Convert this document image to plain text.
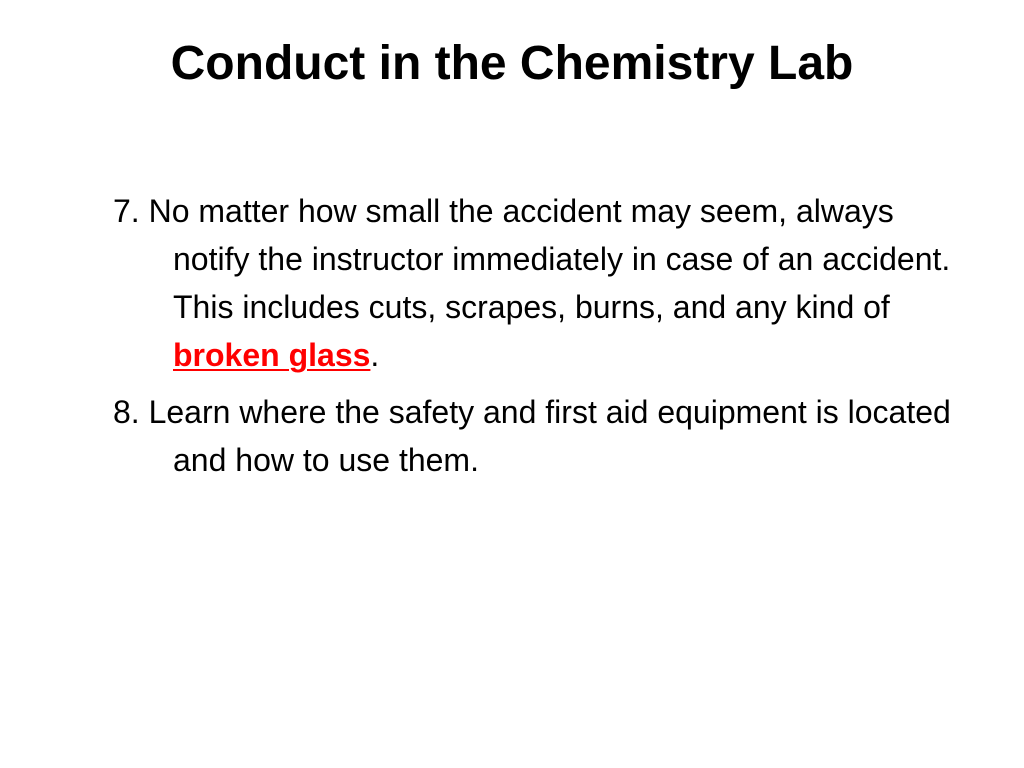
Conduct in the Chemistry Lab
7. No matter how small the accident may seem, always notify the instructor immediately in case of an accident. This includes cuts, scrapes, burns, and any kind of broken glass.
8. Learn where the safety and first aid equipment is located and how to use them.
